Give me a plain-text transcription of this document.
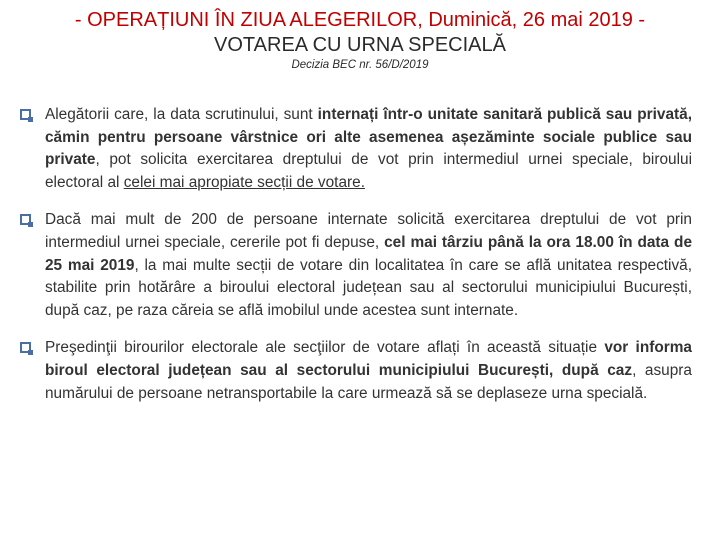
- OPERAȚIUNI ÎN ZIUA ALEGERILOR, Duminică, 26 mai 2019 -
VOTAREA CU URNA SPECIALĂ
Decizia BEC nr. 56/D/2019
Alegătorii care, la data scrutinului, sunt internați într-o unitate sanitară publică sau privată, cămin pentru persoane vârstnice ori alte asemenea așezăminte sociale publice sau private, pot solicita exercitarea dreptului de vot prin intermediul urnei speciale, biroului electoral al celei mai apropiate secții de votare.
Dacă mai mult de 200 de persoane internate solicită exercitarea dreptului de vot prin intermediul urnei speciale, cererile pot fi depuse, cel mai târziu până la ora 18.00 în data de 25 mai 2019, la mai multe secții de votare din localitatea în care se află unitatea respectivă, stabilite prin hotărâre a biroului electoral județean sau al sectorului municipiului București, după caz, pe raza căreia se află imobilul unde acestea sunt internate.
Preşedinţii birourilor electorale ale secţiilor de votare aflați în această situație vor informa biroul electoral județean sau al sectorului municipiului București, după caz, asupra numărului de persoane netransportabile la care urmează să se deplaseze urna specială.
